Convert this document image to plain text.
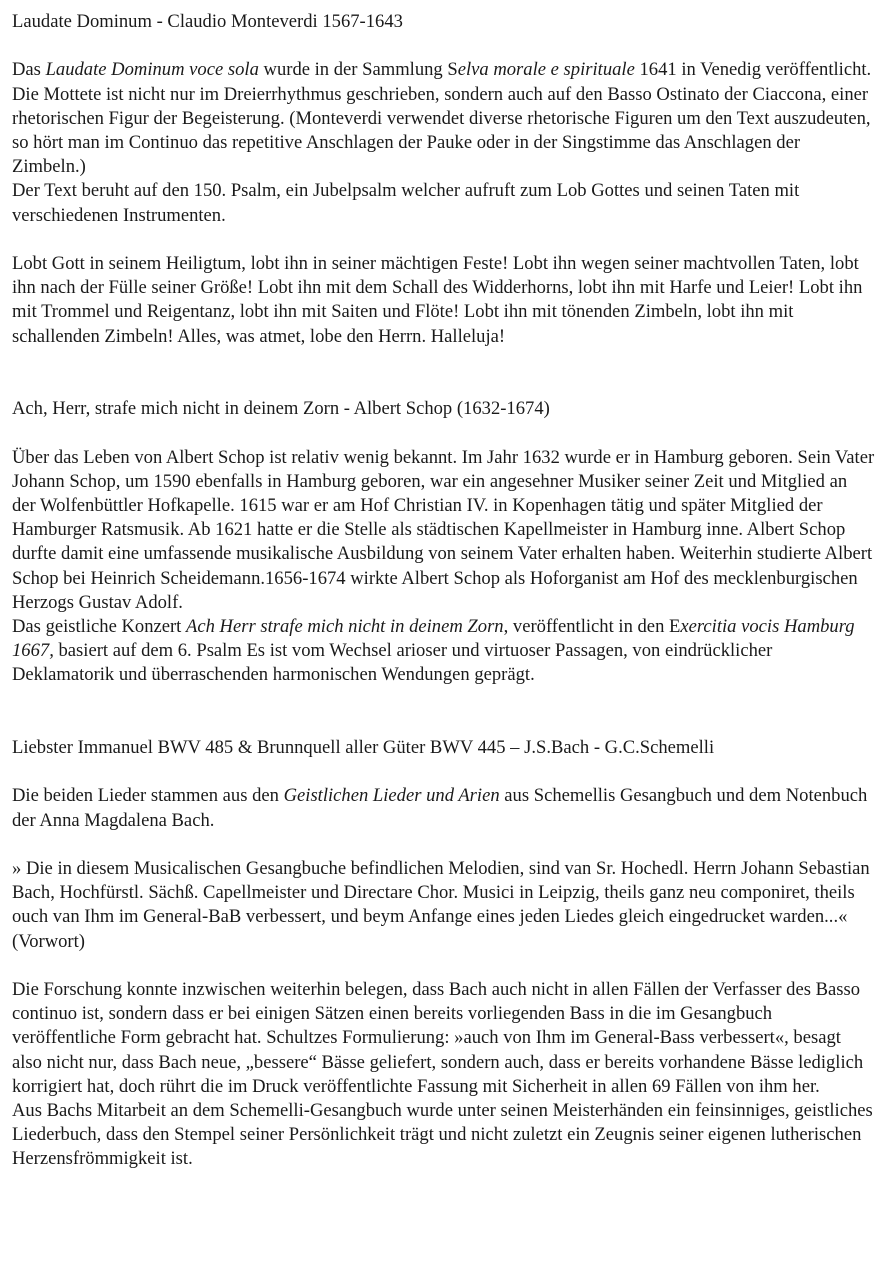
Laudate Dominum - Claudio Monteverdi 1567-1643

Das Laudate Dominum voce sola wurde in der Sammlung Selva morale e spirituale 1641 in Venedig veröffentlicht. Die Mottete ist nicht nur im Dreierrhythmus geschrieben, sondern auch auf den Basso Ostinato der Ciaccona, einer rhetorischen Figur der Begeisterung. (Monteverdi verwendet diverse rhetorische Figuren um den Text auszudeuten, so hört man im Continuo das repetitive Anschlagen der Pauke oder in der Singstimme das Anschlagen der Zimbeln.)

Der Text beruht auf den 150. Psalm, ein Jubelpsalm welcher aufruft zum Lob Gottes und seinen Taten mit verschiedenen Instrumenten.

Lobt Gott in seinem Heiligtum, lobt ihn in seiner mächtigen Feste! Lobt ihn wegen seiner machtvollen Taten, lobt ihn nach der Fülle seiner Größe! Lobt ihn mit dem Schall des Widderhorns, lobt ihn mit Harfe und Leier! Lobt ihn mit Trommel und Reigentanz, lobt ihn mit Saiten und Flöte! Lobt ihn mit tönenden Zimbeln, lobt ihn mit schallenden Zimbeln! Alles, was atmet, lobe den Herrn. Halleluja!

Ach, Herr, strafe mich nicht in deinem Zorn - Albert Schop (1632-1674)

Über das Leben von Albert Schop ist relativ wenig bekannt. Im Jahr 1632 wurde er in Hamburg geboren. Sein Vater Johann Schop, um 1590 ebenfalls in Hamburg geboren, war ein angesehner Musiker seiner Zeit und Mitglied an der Wolfenbüttler Hofkapelle. 1615 war er am Hof Christian IV. in Kopenhagen tätig und später Mitglied der Hamburger Ratsmusik. Ab 1621 hatte er die Stelle als städtischen Kapellmeister in Hamburg inne. Albert Schop durfte damit eine umfassende musikalische Ausbildung von seinem Vater erhalten haben. Weiterhin studierte Albert Schop bei Heinrich Scheidemann.1656-1674 wirkte Albert Schop als Hoforganist am Hof des mecklenburgischen Herzogs Gustav Adolf.

Das geistliche Konzert Ach Herr strafe mich nicht in deinem Zorn, veröffentlicht in den Exercitia vocis Hamburg 1667, basiert auf dem 6. Psalm Es ist vom Wechsel arioser und virtuoser Passagen, von eindrücklicher Deklamatorik und überraschenden harmonischen Wendungen geprägt.

Liebster Immanuel BWV 485 & Brunnquell aller Güter BWV 445 – J.S.Bach - G.C.Schemelli

Die beiden Lieder stammen aus den Geistlichen Lieder und Arien aus Schemellis Gesangbuch und dem Notenbuch der Anna Magdalena Bach.

» Die in diesem Musicalischen Gesangbuche befindlichen Melodien, sind van Sr. Hochedl. Herrn Johann Sebastian Bach, Hochfürstl. Sächß. Capellmeister und Directare Chor. Musici in Leipzig, theils ganz neu componiret, theils ouch van Ihm im General-BaB verbessert, und beym Anfange eines jeden Liedes gleich eingedrucket warden...« (Vorwort)

Die Forschung konnte inzwischen weiterhin belegen, dass Bach auch nicht in allen Fällen der Verfasser des Basso continuo ist, sondern dass er bei einigen Sätzen einen bereits vorliegenden Bass in die im Gesangbuch veröffentliche Form gebracht hat. Schultzes Formulierung: »auch von Ihm im General-Bass verbessert«, besagt also nicht nur, dass Bach neue, „bessere“ Bässe geliefert, sondern auch, dass er bereits vorhandene Bässe lediglich korrigiert hat, doch rührt die im Druck veröffentlichte Fassung mit Sicherheit in allen 69 Fällen von ihm her.

Aus Bachs Mitarbeit an dem Schemelli-Gesangbuch wurde unter seinen Meisterhänden ein feinsinniges, geistliches Liederbuch, dass den Stempel seiner Persönlichkeit trägt und nicht zuletzt ein Zeugnis seiner eigenen lutherischen Herzensfrömmigkeit ist.
